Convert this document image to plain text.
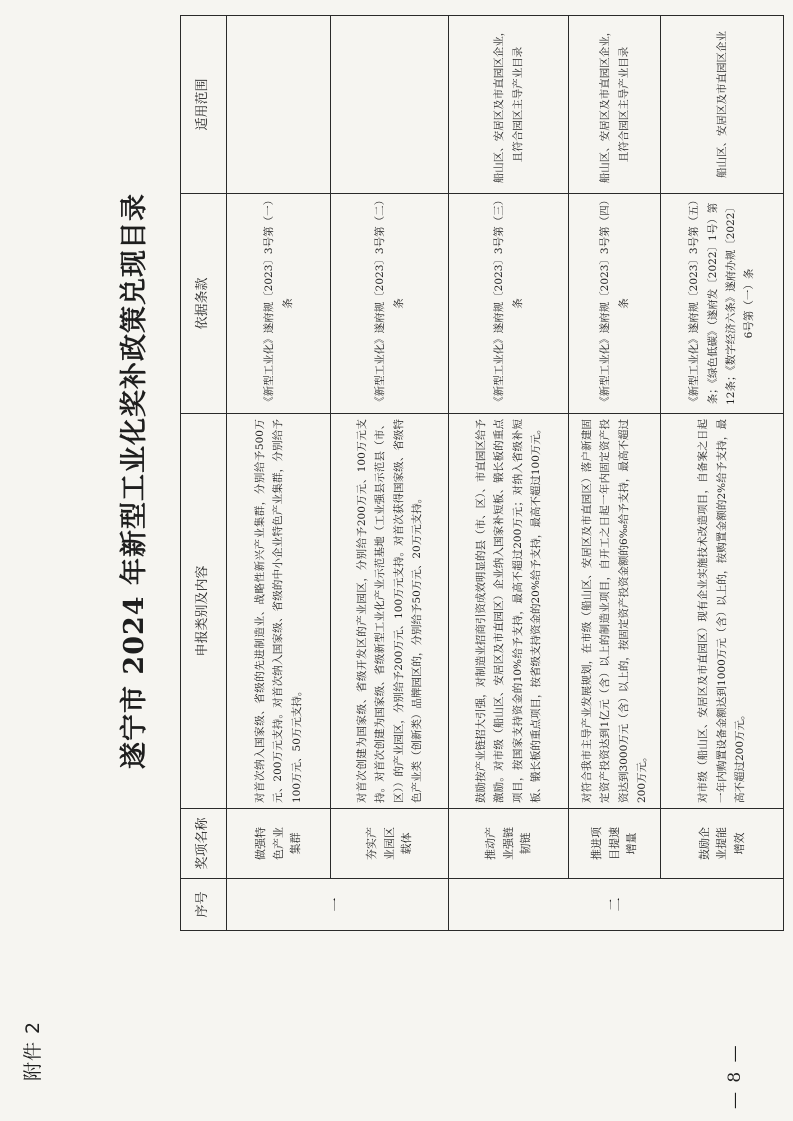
附件 2
遂宁市 2024 年新型工业化奖补政策兑现目录
序号	奖项名称	申报类别及内容	依据条款	适用范围
一	做强特色产业集群	对首次纳入国家级、省级的先进制造业、战略性新兴产业集群，分别给予500万元、200万元支持。对首次纳入国家级、省级的中小企业特色产业集群，分别给予100万元、50万元支持。	《新型工业化》遂府规〔2023〕3号第（一）条	
	夯实产业园区载体	对首次创建为国家级、省级开发区的产业园区，分别给予200万元、100万元支持。对首次创建为国家级、省级新型工业化产业示范基地（工业强县示范县（市、区））的产业园区，分别给予200万元、100万元支持。对首次获得国家级、省级特色产业类（创新类）品牌园区的，分别给予50万元、20万元支持。	《新型工业化》遂府规〔2023〕3号第（二）条	
二	推动产业强链韧链	鼓励按产业链招大引强，对制造业招商引资成效明显的县（市、区）、市直园区给予激励。对市级（船山区、安居区及市直园区）企业纳入国家补短板、锻长板的重点项目，按国家支持资金的10%给予支持，最高不超过200万元；对纳入省级补短板、锻长板的重点项目，按省级支持资金的20%给予支持，最高不超过100万元。	《新型工业化》遂府规〔2023〕3号第（三）条	船山区、安居区及市直园区企业，且符合园区主导产业目录
	推进项目提速增量	对符合我市主导产业发展规划，在市级（船山区、安居区及市直园区）落户新建固定资产投资达到1亿元（含）以上的制造业项目，自开工之日起一年内固定资产投资达到3000万元（含）以上的，按固定资产投资金额的6‰给予支持，最高不超过200万元。	《新型工业化》遂府规〔2023〕3号第（四）条	船山区、安居区及市直园区企业，且符合园区主导产业目录
	鼓励企业提能增效	对市级（船山区、安居区及市直园区）现有企业实施技术改造项目，自备案之日起一年内购置设备金额达到1000万元（含）以上的，按购置金额的2%给予支持，最高不超过200万元。	《新型工业化》遂府规〔2023〕3号第（五）条；《绿色低碳》（遂府发〔2022〕1号）第12条；《数字经济六条》遂府办规〔2022〕6号第（一）条	船山区、安居区及市直园区企业
— 8 —
